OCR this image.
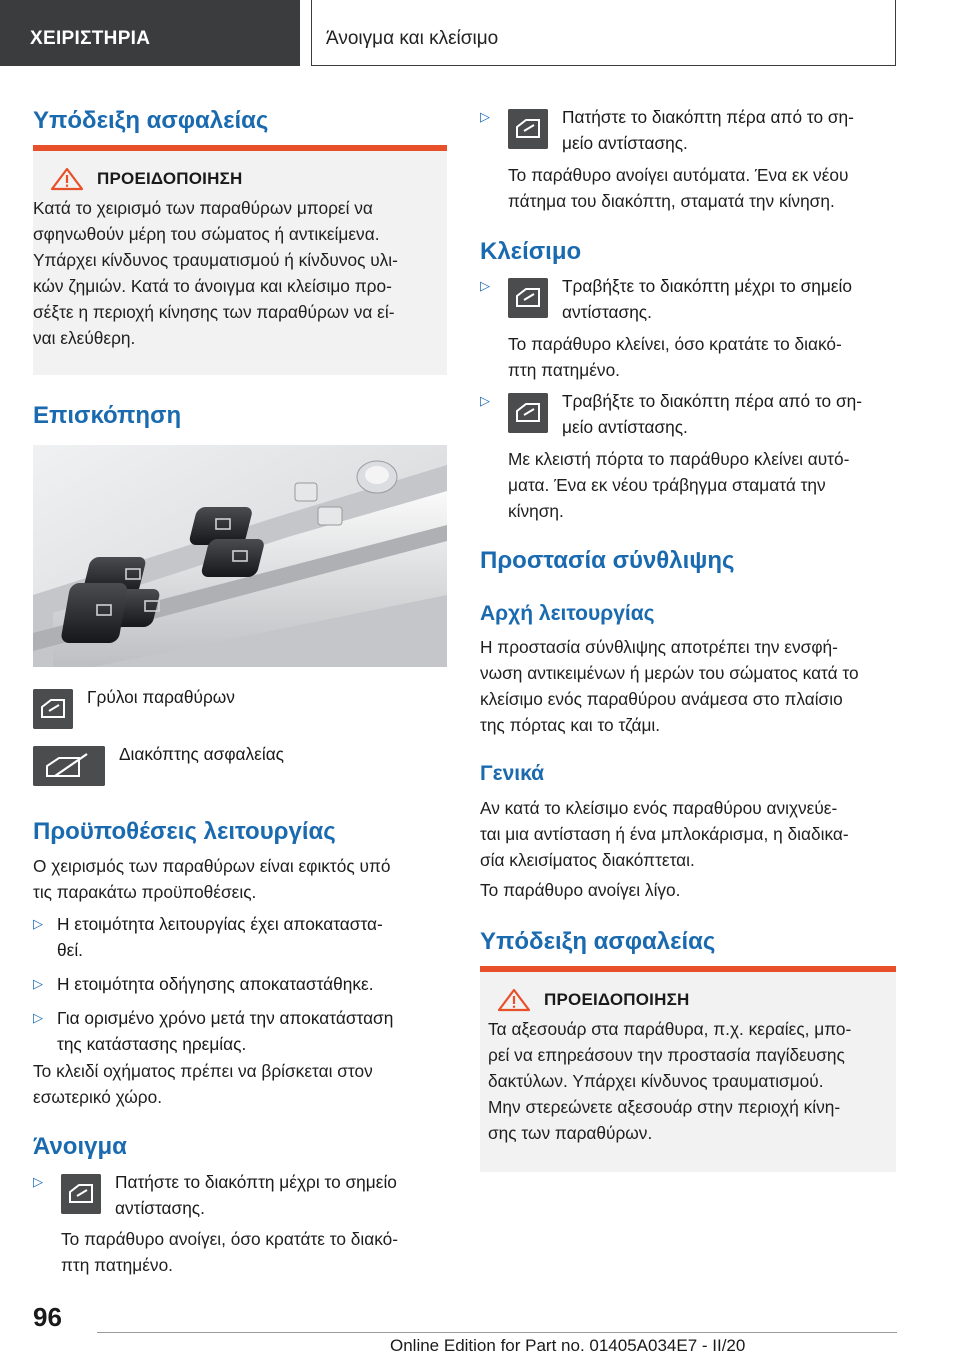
ΧΕΙΡΙΣΤΗΡΙΑ	Άνοιγμα και κλείσιμο
Υπόδειξη ασφαλείας
ΠΡΟΕΙΔΟΠΟΙΗΣΗ
Κατά το χειρισμό των παραθύρων μπορεί να
σφηνωθούν μέρη του σώματος ή αντικείμενα.
Υπάρχει κίνδυνος τραυματισμού ή κίνδυνος υλι-
κών ζημιών. Κατά το άνοιγμα και κλείσιμο προ-
σέξτε η περιοχή κίνησης των παραθύρων να εί-
ναι ελεύθερη.
Επισκόπηση
Γρύλοι παραθύρων
Διακόπτης ασφαλείας
Προϋποθέσεις λειτουργίας
Ο χειρισμός των παραθύρων είναι εφικτός υπό
τις παρακάτω προϋποθέσεις.
▷ Η ετοιμότητα λειτουργίας έχει αποκαταστα-
θεί.
▷ Η ετοιμότητα οδήγησης αποκαταστάθηκε.
▷ Για ορισμένο χρόνο μετά την αποκατάσταση
της κατάστασης ηρεμίας.
Το κλειδί οχήματος πρέπει να βρίσκεται στον
εσωτερικό χώρο.
Άνοιγμα
▷	Πατήστε το διακόπτη μέχρι το σημείο
αντίστασης.
Το παράθυρο ανοίγει, όσο κρατάτε το διακό-
πτη πατημένο.
▷	Πατήστε το διακόπτη πέρα από το ση-
μείο αντίστασης.
Το παράθυρο ανοίγει αυτόματα. Ένα εκ νέου
πάτημα του διακόπτη, σταματά την κίνηση.
Κλείσιμο
▷	Τραβήξτε το διακόπτη μέχρι το σημείο
αντίστασης.
Το παράθυρο κλείνει, όσο κρατάτε το διακό-
πτη πατημένο.
▷	Τραβήξτε το διακόπτη πέρα από το ση-
μείο αντίστασης.
Με κλειστή πόρτα το παράθυρο κλείνει αυτό-
ματα. Ένα εκ νέου τράβηγμα σταματά την
κίνηση.
Προστασία σύνθλιψης
Αρχή λειτουργίας
Η προστασία σύνθλιψης αποτρέπει την ενσφή-
νωση αντικειμένων ή μερών του σώματος κατά το
κλείσιμο ενός παραθύρου ανάμεσα στο πλαίσιο
της πόρτας και το τζάμι.
Γενικά
Αν κατά το κλείσιμο ενός παραθύρου ανιχνεύε-
ται μια αντίσταση ή ένα μπλοκάρισμα, η διαδικα-
σία κλεισίματος διακόπτεται.
Το παράθυρο ανοίγει λίγο.
Υπόδειξη ασφαλείας
ΠΡΟΕΙΔΟΠΟΙΗΣΗ
Τα αξεσουάρ στα παράθυρα, π.χ. κεραίες, μπο-
ρεί να επηρεάσουν την προστασία παγίδευσης
δακτύλων. Υπάρχει κίνδυνος τραυματισμού.
Μην στερεώνετε αξεσουάρ στην περιοχή κίνη-
σης των παραθύρων.
96
Online Edition for Part no. 01405A034E7 - II/20
